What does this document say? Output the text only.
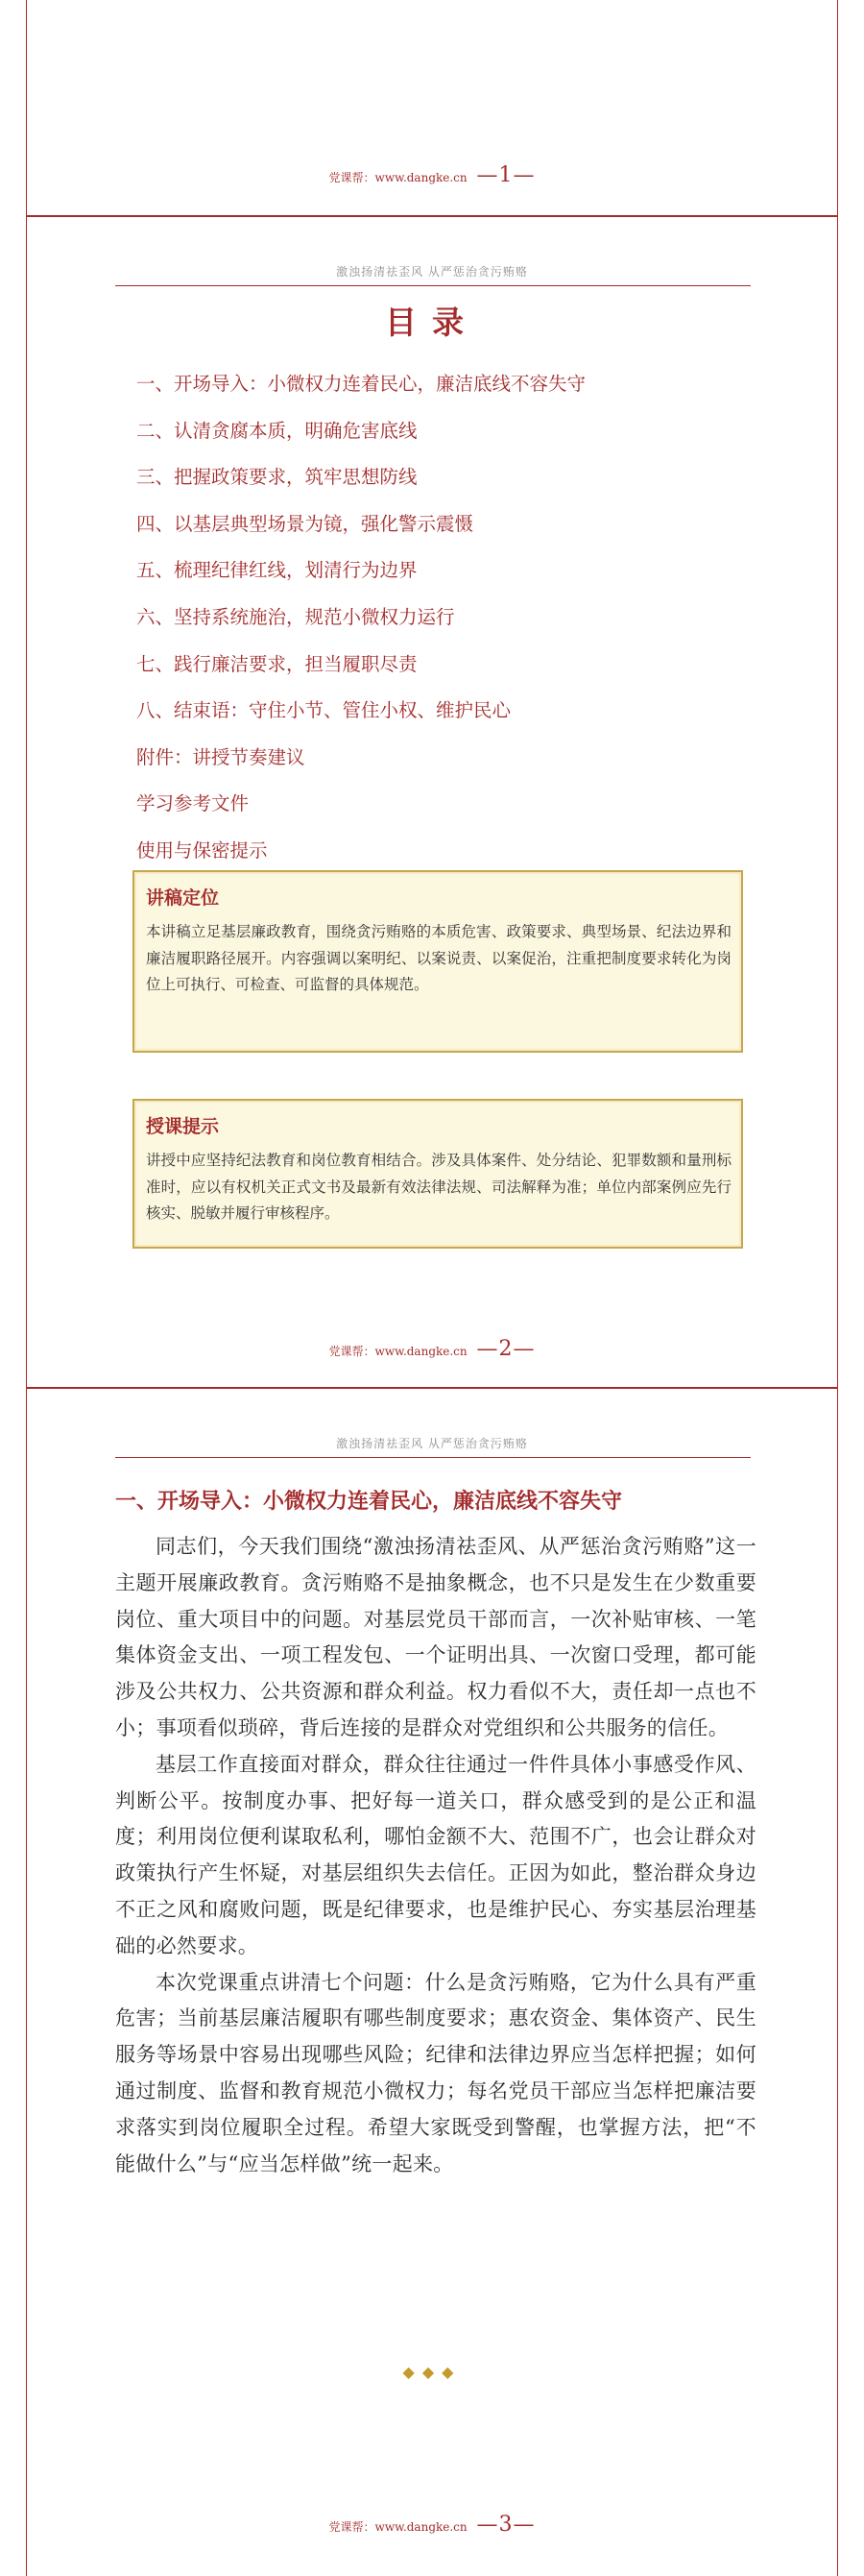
党课帮：www.dangke.cn —1—
激浊扬清祛歪风 从严惩治贪污贿赂
目录
一、开场导入：小微权力连着民心，廉洁底线不容失守
二、认清贪腐本质，明确危害底线
三、把握政策要求，筑牢思想防线
四、以基层典型场景为镜，强化警示震慑
五、梳理纪律红线，划清行为边界
六、坚持系统施治，规范小微权力运行
七、践行廉洁要求，担当履职尽责
八、结束语：守住小节、管住小权、维护民心
附件：讲授节奏建议
学习参考文件
使用与保密提示
讲稿定位

本讲稿立足基层廉政教育，围绕贪污贿赂的本质危害、政策要求、典型场景、纪法边界和廉洁履职路径展开。内容强调以案明纪、以案说责、以案促治，注重把制度要求转化为岗位上可执行、可检查、可监督的具体规范。

授课提示

讲授中应坚持纪法教育和岗位教育相结合。涉及具体案件、处分结论、犯罪数额和量刑标准时，应以有权机关正式文书及最新有效法律法规、司法解释为准；单位内部案例应先行核实、脱敏并履行审核程序。

党课帮：www.dangke.cn —2—
激浊扬清祛歪风 从严惩治贪污贿赂
一、开场导入：小微权力连着民心，廉洁底线不容失守

同志们，今天我们围绕“激浊扬清祛歪风、从严惩治贪污贿赂”这一主题开展廉政教育。贪污贿赂不是抽象概念，也不只是发生在少数重要岗位、重大项目中的问题。对基层党员干部而言，一次补贴审核、一笔集体资金支出、一项工程发包、一个证明出具、一次窗口受理，都可能涉及公共权力、公共资源和群众利益。权力看似不大，责任却一点也不小；事项看似琐碎，背后连接的是群众对党组织和公共服务的信任。

基层工作直接面对群众，群众往往通过一件件具体小事感受作风、判断公平。按制度办事、把好每一道关口，群众感受到的是公正和温度；利用岗位便利谋取私利，哪怕金额不大、范围不广，也会让群众对政策执行产生怀疑，对基层组织失去信任。正因为如此，整治群众身边不正之风和腐败问题，既是纪律要求，也是维护民心、夯实基层治理基础的必然要求。

本次党课重点讲清七个问题：什么是贪污贿赂，它为什么具有严重危害；当前基层廉洁履职有哪些制度要求；惠农资金、集体资产、民生服务等场景中容易出现哪些风险；纪律和法律边界应当怎样把握；如何通过制度、监督和教育规范小微权力；每名党员干部应当怎样把廉洁要求落实到岗位履职全过程。希望大家既受到警醒，也掌握方法，把“不能做什么”与“应当怎样做”统一起来。

◆◆◆
党课帮：www.dangke.cn —3—
